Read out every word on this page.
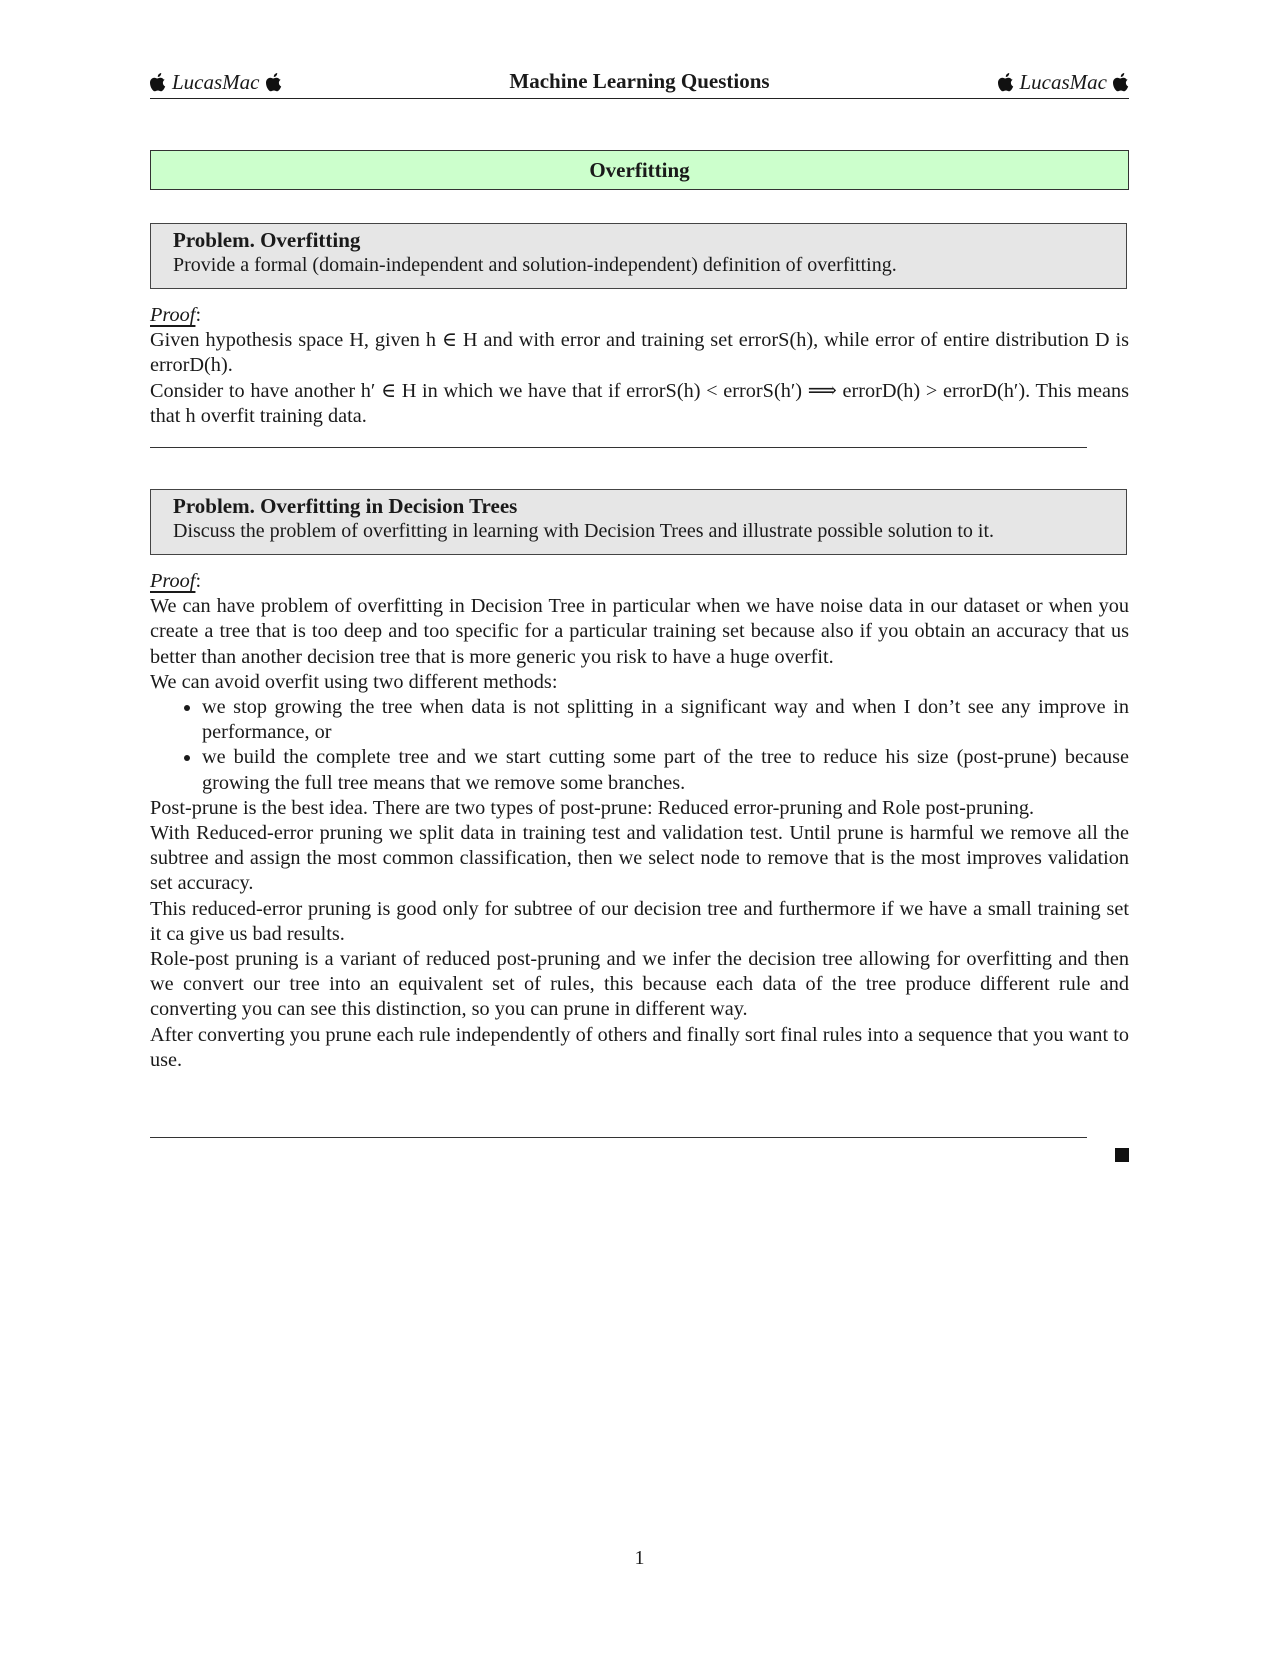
LucasMac	Machine Learning Questions	LucasMac
Overfitting
Problem. Overfitting
Provide a formal (domain-independent and solution-independent) definition of overfitting.

Proof:

Given hypothesis space H, given h ∈ H and with error and training set errorS(h), while error of entire distribution D is errorD(h).

Consider to have another h′ ∈ H in which we have that if errorS(h) < errorS(h′) ⟹ errorD(h) > errorD(h′). This means that h overfit training data.

Problem. Overfitting in Decision Trees
Discuss the problem of overfitting in learning with Decision Trees and illustrate possible solution to it.

Proof:

We can have problem of overfitting in Decision Tree in particular when we have noise data in our dataset or when you create a tree that is too deep and too specific for a particular training set because also if you obtain an accuracy that us better than another decision tree that is more generic you risk to have a huge overfit.

We can avoid overfit using two different methods:

• we stop growing the tree when data is not splitting in a significant way and when I don’t see any improve in performance, or
• we build the complete tree and we start cutting some part of the tree to reduce his size (post-prune) because growing the full tree means that we remove some branches.

Post-prune is the best idea. There are two types of post-prune: Reduced error-pruning and Role post-pruning.

With Reduced-error pruning we split data in training test and validation test. Until prune is harmful we remove all the subtree and assign the most common classification, then we select node to remove that is the most improves validation set accuracy.

This reduced-error pruning is good only for subtree of our decision tree and furthermore if we have a small training set it ca give us bad results.

Role-post pruning is a variant of reduced post-pruning and we infer the decision tree allowing for overfitting and then we convert our tree into an equivalent set of rules, this because each data of the tree produce different rule and converting you can see this distinction, so you can prune in different way.

After converting you prune each rule independently of others and finally sort final rules into a sequence that you want to use.

1
